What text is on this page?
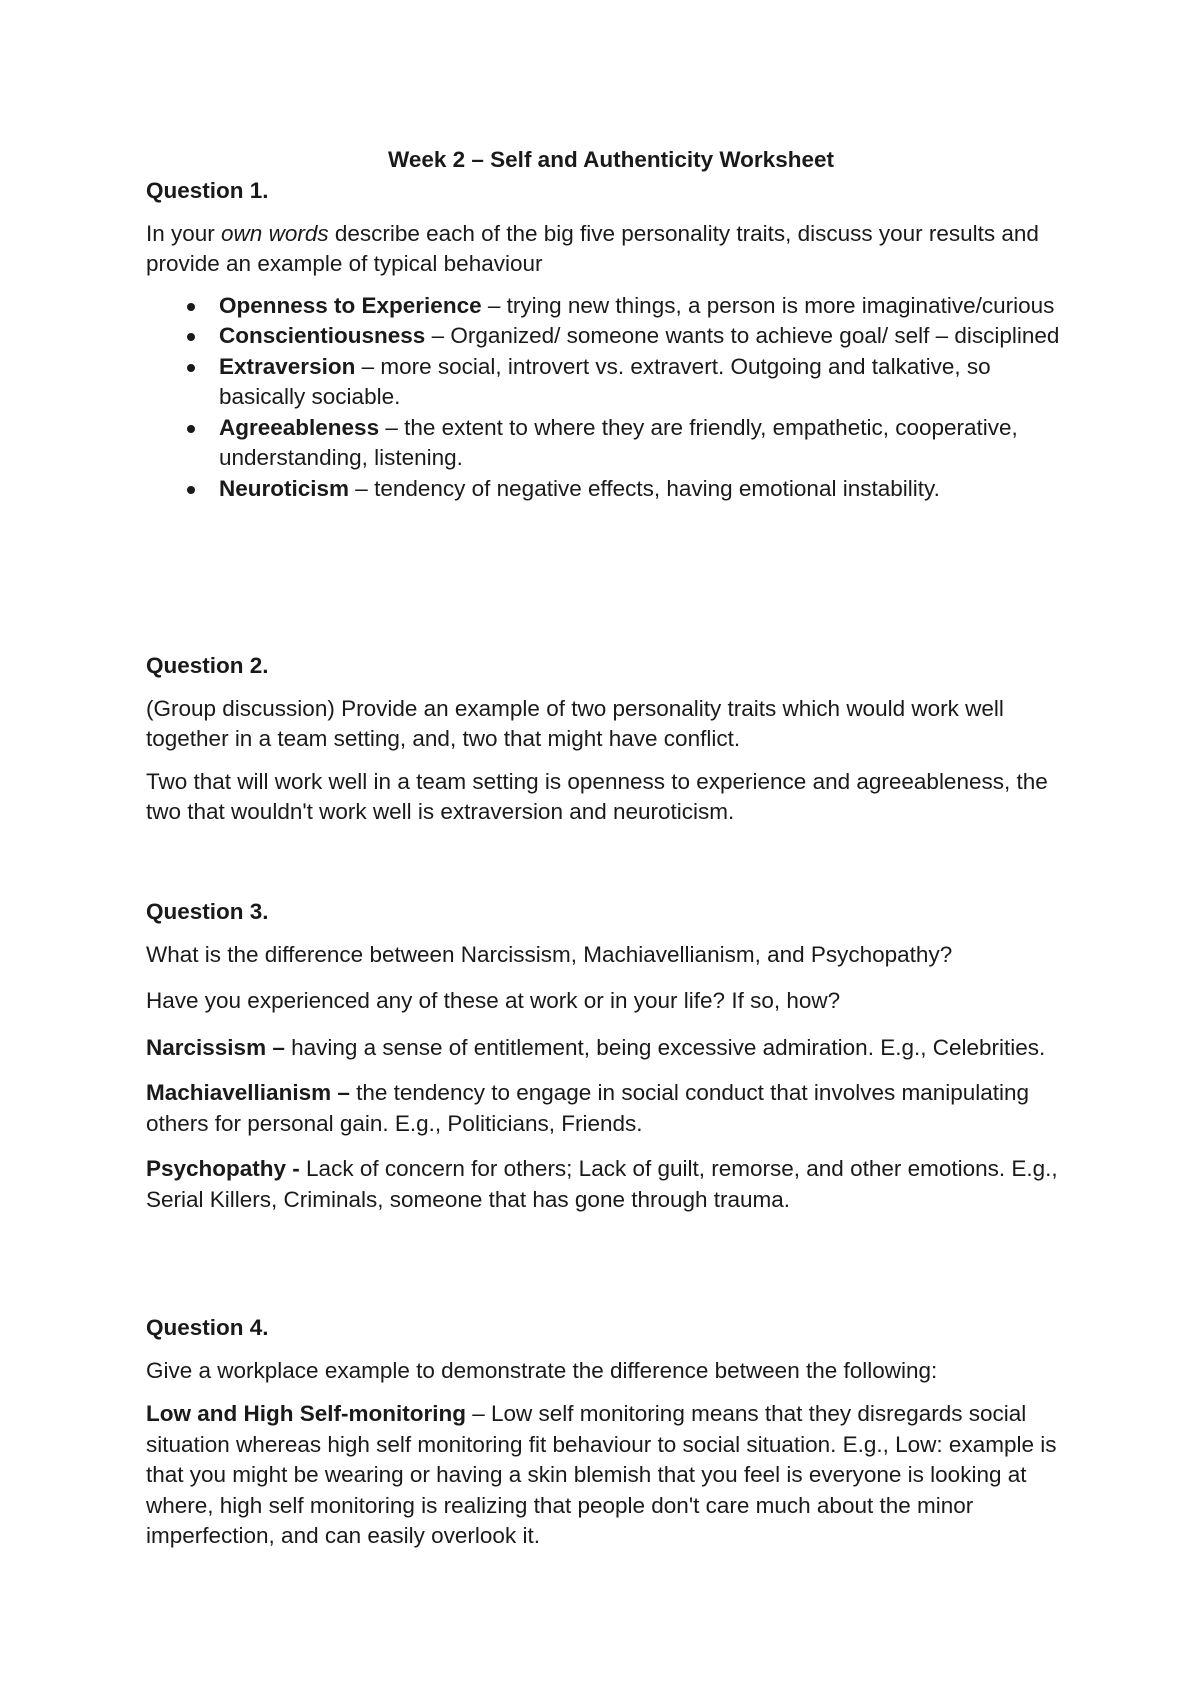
Week 2 – Self and Authenticity Worksheet

Question 1.

In your own words describe each of the big five personality traits, discuss your results and provide an example of typical behaviour

Openness to Experience – trying new things, a person is more imaginative/curious
Conscientiousness – Organized/ someone wants to achieve goal/ self – disciplined
Extraversion – more social, introvert vs. extravert. Outgoing and talkative, so basically sociable.
Agreeableness – the extent to where they are friendly, empathetic, cooperative, understanding, listening.
Neuroticism – tendency of negative effects, having emotional instability.

Question 2.

(Group discussion) Provide an example of two personality traits which would work well together in a team setting, and, two that might have conflict.

Two that will work well in a team setting is openness to experience and agreeableness, the two that wouldn't work well is extraversion and neuroticism.

Question 3.

What is the difference between Narcissism, Machiavellianism, and Psychopathy?

Have you experienced any of these at work or in your life? If so, how?

Narcissism – having a sense of entitlement, being excessive admiration. E.g., Celebrities.

Machiavellianism – the tendency to engage in social conduct that involves manipulating others for personal gain. E.g., Politicians, Friends.

Psychopathy - Lack of concern for others; Lack of guilt, remorse, and other emotions. E.g., Serial Killers, Criminals, someone that has gone through trauma.

Question 4.

Give a workplace example to demonstrate the difference between the following:

Low and High Self-monitoring – Low self monitoring means that they disregards social situation whereas high self monitoring fit behaviour to social situation. E.g., Low: example is that you might be wearing or having a skin blemish that you feel is everyone is looking at where, high self monitoring is realizing that people don't care much about the minor imperfection, and can easily overlook it.
